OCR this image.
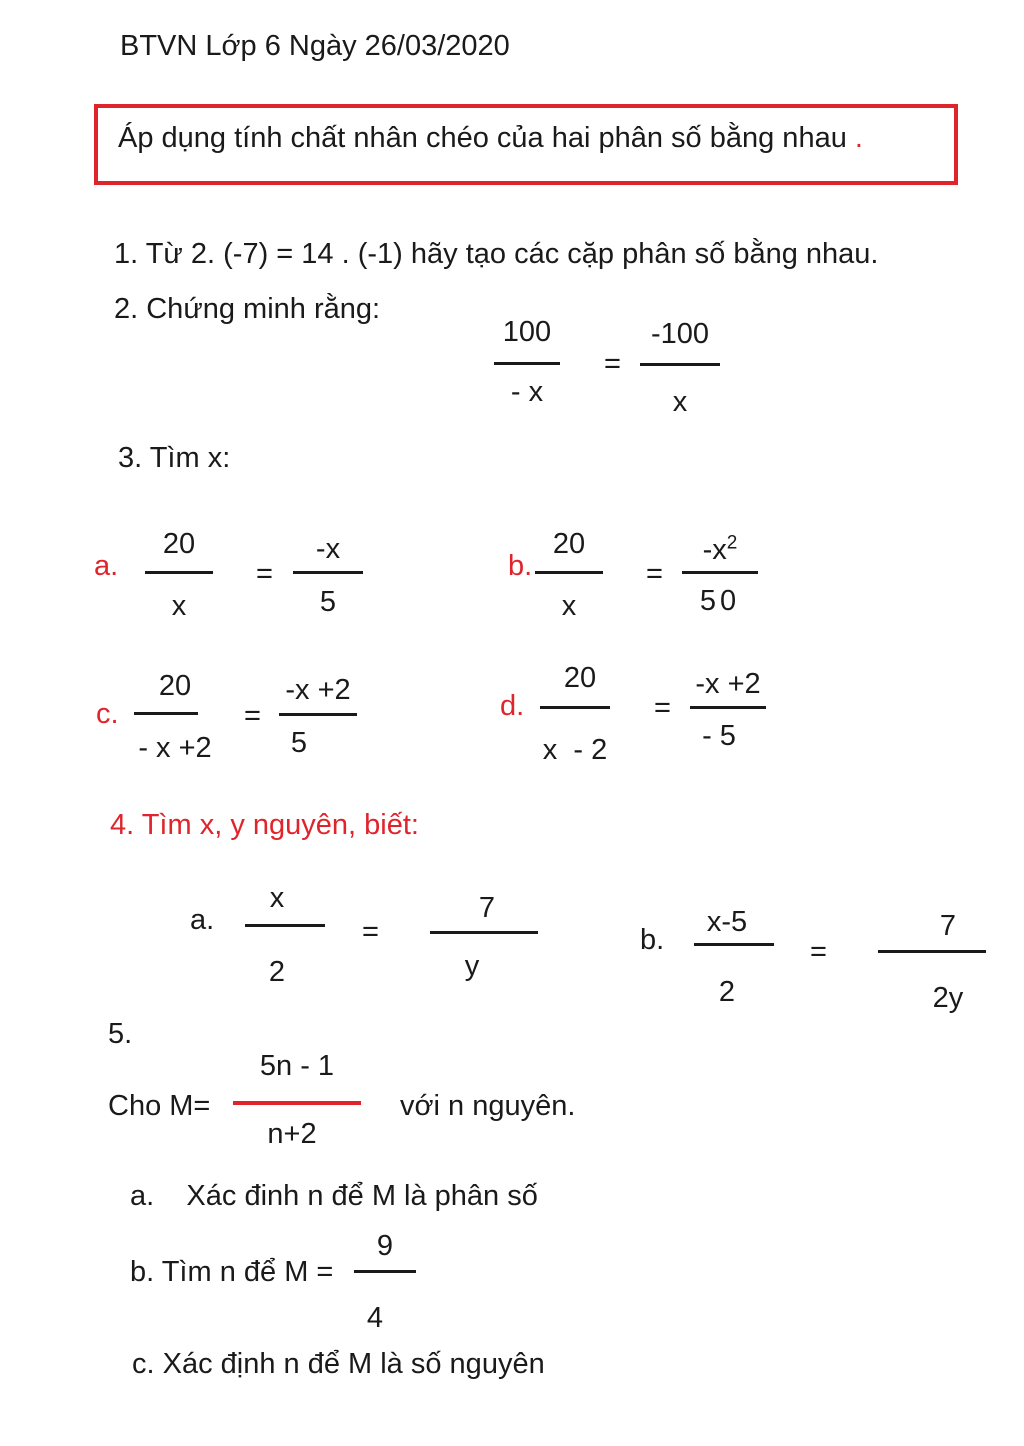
BTVN Lớp 6 Ngày 26/03/2020
Áp dụng tính chất nhân chéo của hai phân số bằng nhau .
1. Từ 2. (-7) = 14 . (-1) hãy tạo các cặp phân số bằng nhau.
2. Chứng minh rằng:
100
- x
=
-100
x
3. Tìm x:
a.
20
x
=
-x
5
b.
20
x
=
$-x^2$
50
c.
20
- x +2
=
-x +2
5
d.
20
x  - 2
=
-x +2
- 5
4. Tìm x, y nguyên, biết:
a.
x
2
=
7
y
b.
x-5
2
=
7
2y
5.
Cho M=
5n - 1
n+2
với n nguyên.
a.    Xác đinh n để M là phân số
b. Tìm n để M =
9
4
c. Xác định n để M là số nguyên
